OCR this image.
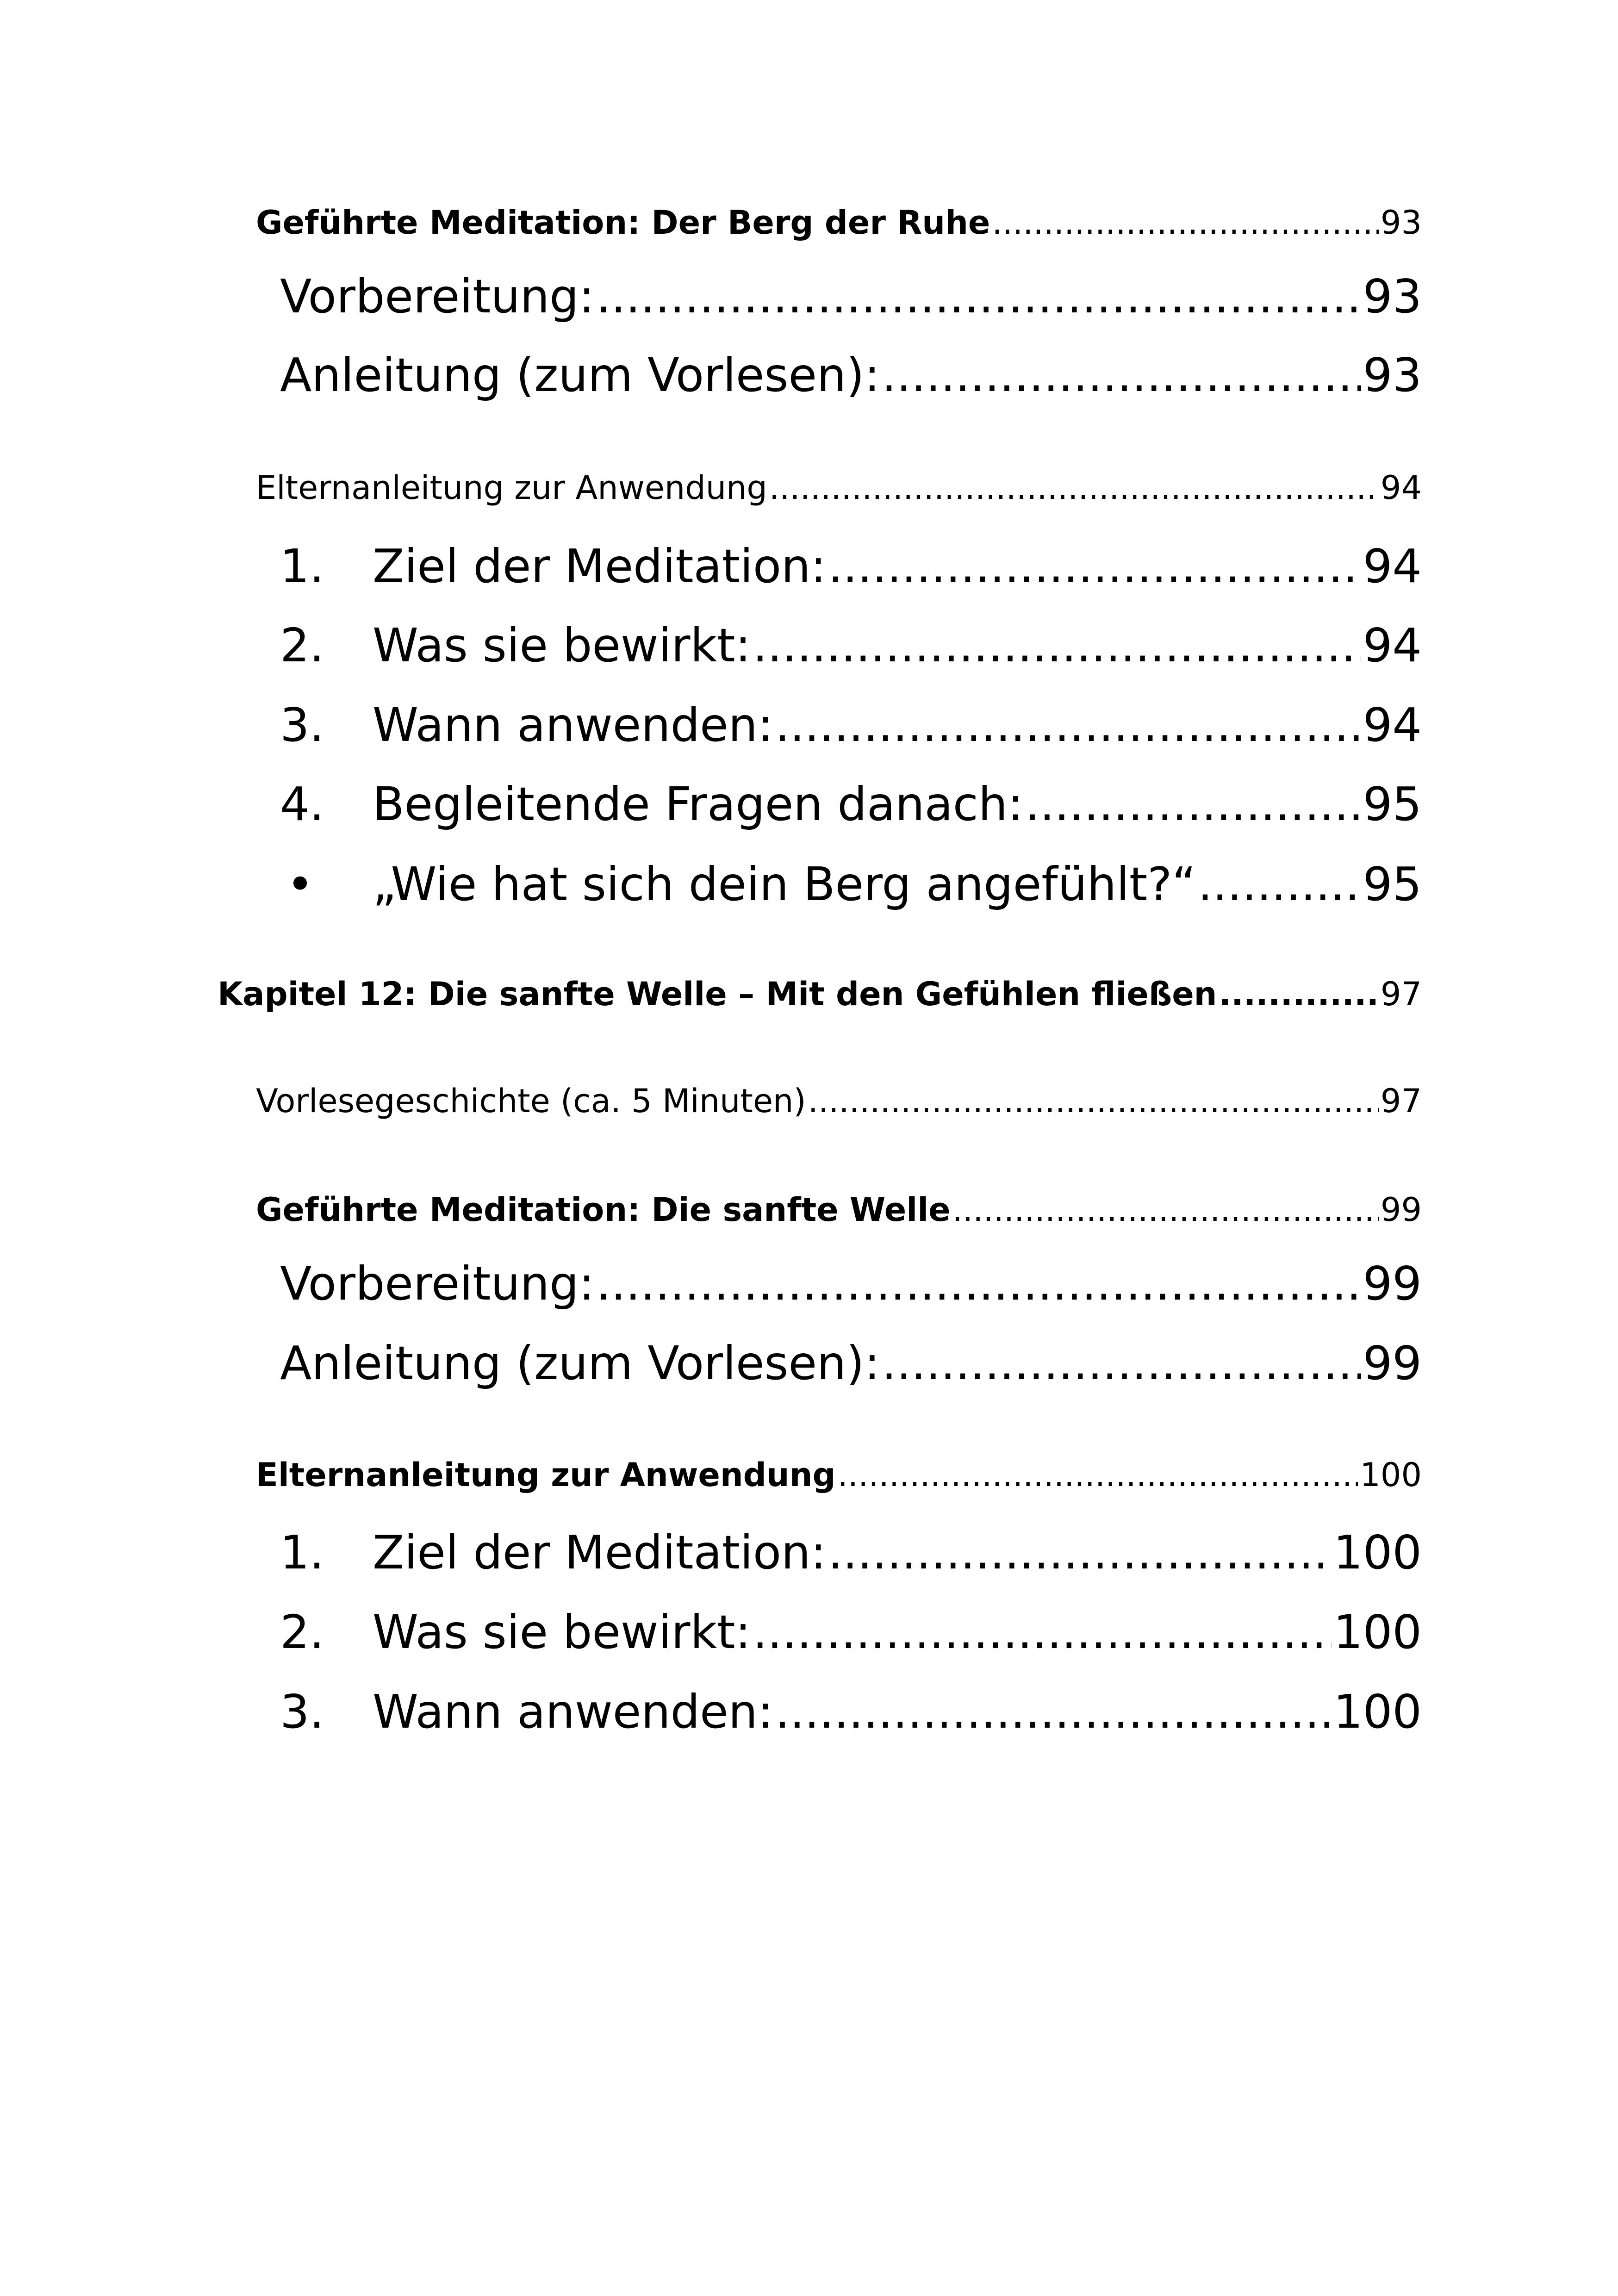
Geführte Meditation: Der Berg der Ruhe .....	93
Vorbereitung: .....	93
Anleitung (zum Vorlesen): .....	93
Elternanleitung zur Anwendung .....	94
1.	Ziel der Meditation: .....	94
2.	Was sie bewirkt: .....	94
3.	Wann anwenden: .....	94
4.	Begleitende Fragen danach: .....	95
•	„Wie hat sich dein Berg angefühlt?“ .....	95
Kapitel 12: Die sanfte Welle – Mit den Gefühlen fließen .....	97
Vorlesegeschichte (ca. 5 Minuten) .....	97
Geführte Meditation: Die sanfte Welle .....	99
Vorbereitung: .....	99
Anleitung (zum Vorlesen): .....	99
Elternanleitung zur Anwendung .....	100
1.	Ziel der Meditation: .....	100
2.	Was sie bewirkt: .....	100
3.	Wann anwenden: .....	100
